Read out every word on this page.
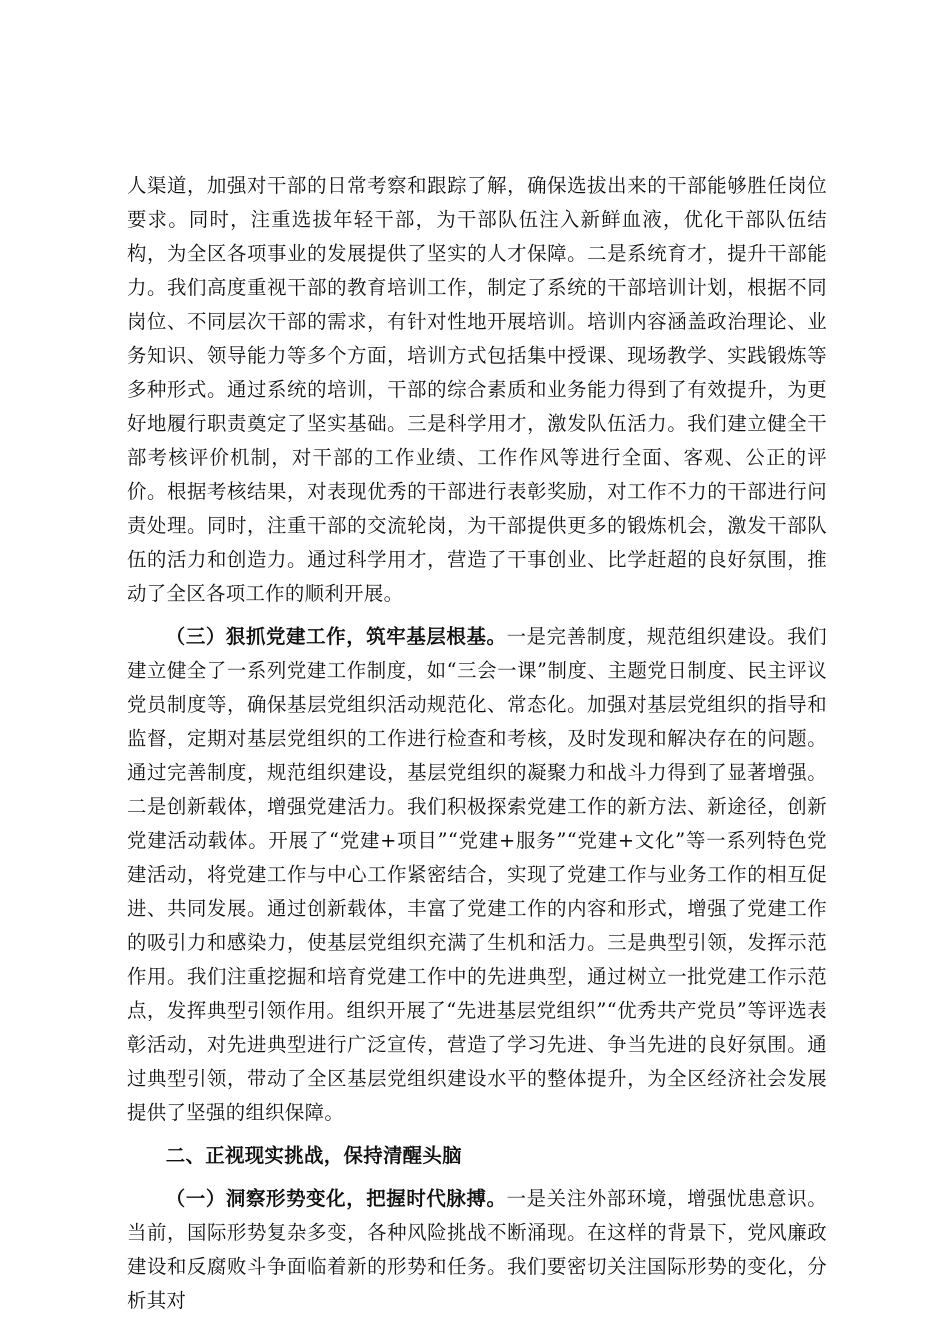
人渠道，加强对干部的日常考察和跟踪了解，确保选拔出来的干部能够胜任岗位要求。同时，注重选拔年轻干部，为干部队伍注入新鲜血液，优化干部队伍结构，为全区各项事业的发展提供了坚实的人才保障。二是系统育才，提升干部能力。我们高度重视干部的教育培训工作，制定了系统的干部培训计划，根据不同岗位、不同层次干部的需求，有针对性地开展培训。培训内容涵盖政治理论、业务知识、领导能力等多个方面，培训方式包括集中授课、现场教学、实践锻炼等多种形式。通过系统的培训，干部的综合素质和业务能力得到了有效提升，为更好地履行职责奠定了坚实基础。三是科学用才，激发队伍活力。我们建立健全干部考核评价机制，对干部的工作业绩、工作作风等进行全面、客观、公正的评价。根据考核结果，对表现优秀的干部进行表彰奖励，对工作不力的干部进行问责处理。同时，注重干部的交流轮岗，为干部提供更多的锻炼机会，激发干部队伍的活力和创造力。通过科学用才，营造了干事创业、比学赶超的良好氛围，推动了全区各项工作的顺利开展。

（三）狠抓党建工作，筑牢基层根基。一是完善制度，规范组织建设。我们建立健全了一系列党建工作制度，如“三会一课”制度、主题党日制度、民主评议党员制度等，确保基层党组织活动规范化、常态化。加强对基层党组织的指导和监督，定期对基层党组织的工作进行检查和考核，及时发现和解决存在的问题。通过完善制度，规范组织建设，基层党组织的凝聚力和战斗力得到了显著增强。二是创新载体，增强党建活力。我们积极探索党建工作的新方法、新途径，创新党建活动载体。开展了“党建+项目”“党建+服务”“党建+文化”等一系列特色党建活动，将党建工作与中心工作紧密结合，实现了党建工作与业务工作的相互促进、共同发展。通过创新载体，丰富了党建工作的内容和形式，增强了党建工作的吸引力和感染力，使基层党组织充满了生机和活力。三是典型引领，发挥示范作用。我们注重挖掘和培育党建工作中的先进典型，通过树立一批党建工作示范点，发挥典型引领作用。组织开展了“先进基层党组织”“优秀共产党员”等评选表彰活动，对先进典型进行广泛宣传，营造了学习先进、争当先进的良好氛围。通过典型引领，带动了全区基层党组织建设水平的整体提升，为全区经济社会发展提供了坚强的组织保障。

二、正视现实挑战，保持清醒头脑

（一）洞察形势变化，把握时代脉搏。一是关注外部环境，增强忧患意识。当前，国际形势复杂多变，各种风险挑战不断涌现。在这样的背景下，党风廉政建设和反腐败斗争面临着新的形势和任务。我们要密切关注国际形势的变化，分析其对
